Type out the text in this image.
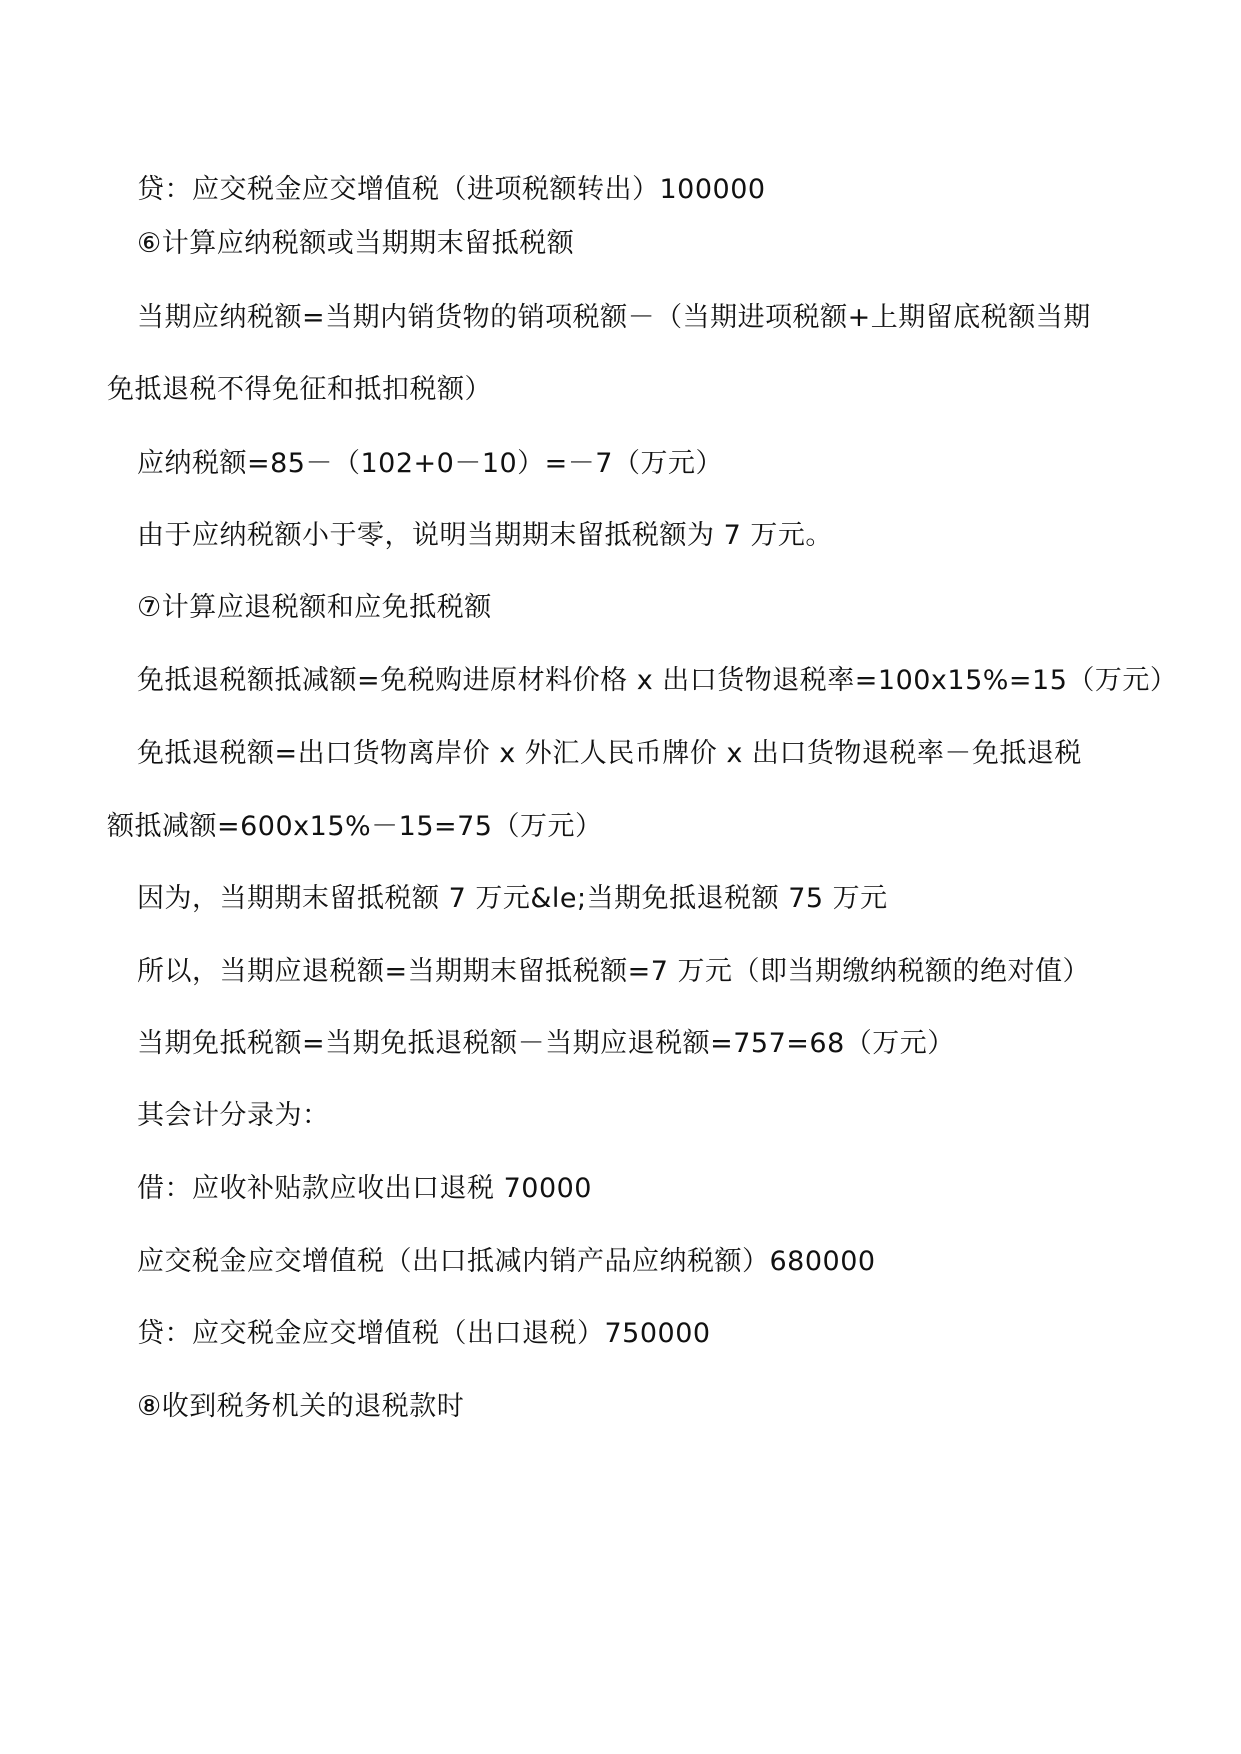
贷：应交税金应交增值税（进项税额转出）100000
⑥计算应纳税额或当期期末留抵税额
当期应纳税额=当期内销货物的销项税额－（当期进项税额+上期留底税额当期
免抵退税不得免征和抵扣税额）
应纳税额=85－（102+0－10）=－7（万元）
由于应纳税额小于零，说明当期期末留抵税额为 7 万元。
⑦计算应退税额和应免抵税额
免抵退税额抵减额=免税购进原材料价格 x 出口货物退税率=100x15%=15（万元）
免抵退税额=出口货物离岸价 x 外汇人民币牌价 x 出口货物退税率－免抵退税
额抵减额=600x15%－15=75（万元）
因为，当期期末留抵税额 7 万元&le;当期免抵退税额 75 万元
所以，当期应退税额=当期期末留抵税额=7 万元（即当期缴纳税额的绝对值）
当期免抵税额=当期免抵退税额－当期应退税额=757=68（万元）
其会计分录为：
借：应收补贴款应收出口退税 70000
应交税金应交增值税（出口抵减内销产品应纳税额）680000
贷：应交税金应交增值税（出口退税）750000
⑧收到税务机关的退税款时
